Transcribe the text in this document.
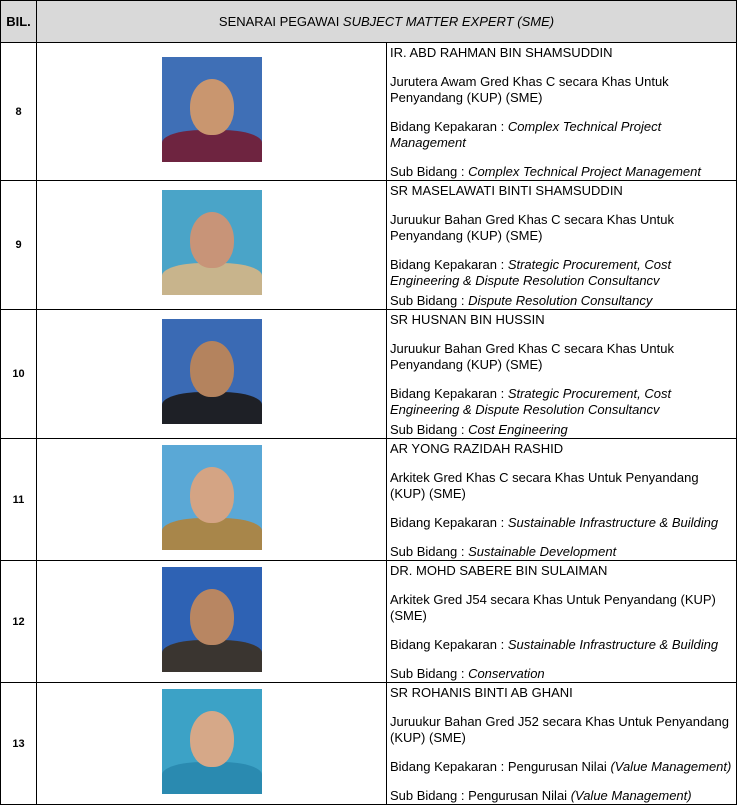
BIL.	SENARAI PEGAWAI SUBJECT MATTER EXPERT (SME)	
8		IR. ABD RAHMAN BIN SHAMSUDDIN

Jurutera Awam Gred Khas C secara Khas Untuk Penyandang (KUP) (SME)

Bidang Kepakaran : Complex Technical Project Management

Sub Bidang : Complex Technical Project Management

9		SR MASELAWATI BINTI SHAMSUDDIN

Juruukur Bahan Gred Khas C secara Khas Untuk Penyandang (KUP) (SME)

Bidang Kepakaran : Strategic Procurement, Cost Engineering & Dispute Resolution Consultancv

Sub Bidang : Dispute Resolution Consultancy

10		SR HUSNAN BIN HUSSIN

Juruukur Bahan Gred Khas C secara Khas Untuk Penyandang (KUP) (SME)

Bidang Kepakaran : Strategic Procurement, Cost Engineering & Dispute Resolution Consultancv

Sub Bidang : Cost Engineering

11		AR YONG RAZIDAH RASHID

Arkitek Gred Khas C secara Khas Untuk Penyandang (KUP) (SME)

Bidang Kepakaran : Sustainable Infrastructure & Building

Sub Bidang : Sustainable Development

12		DR. MOHD SABERE BIN SULAIMAN

Arkitek Gred J54 secara Khas Untuk Penyandang (KUP) (SME)

Bidang Kepakaran : Sustainable Infrastructure & Building

Sub Bidang : Conservation

13		SR ROHANIS BINTI AB GHANI

Juruukur Bahan Gred J52 secara Khas Untuk Penyandang (KUP) (SME)

Bidang Kepakaran : Pengurusan Nilai (Value Management)

Sub Bidang : Pengurusan Nilai (Value Management)
